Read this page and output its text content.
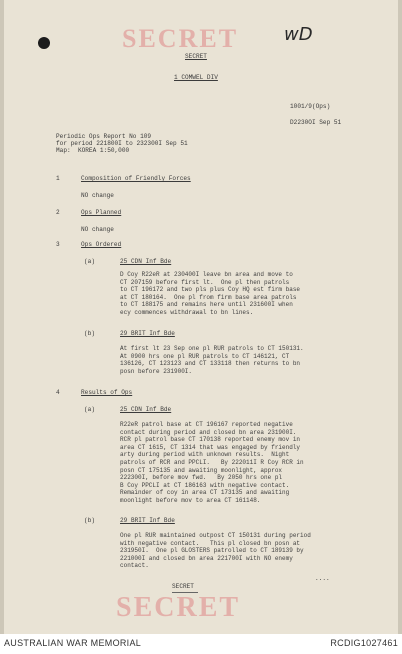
SECRET	wD
SECRET
1 COMWEL DIV
1001/9(Ops)
D2230OI Sep 51
Periodic Ops Report No 109
for period 221800I to 232300I Sep 51
Map:  KOREA 1:50,000
1	Composition of Friendly Forces
NO change
2	Ops Planned
NO change
3	Ops Ordered
(a)	25 CDN Inf Bde
D Coy R22eR at 230400I leave bn area and move to
CT 207159 before first lt.  One pl then patrols
to CT 196172 and two pls plus Coy HQ est firm base
at CT 180164.  One pl from firm base area patrols
to CT 188175 and remains here until 231600I when
ecy commences withdrawal to bn lines.
(b)	29 BRIT Inf Bde
At first lt 23 Sep one pl RUR patrols to CT 150131.
At 0900 hrs one pl RUR patrols to CT 146121, CT
136126, CT 123123 and CT 133118 then returns to bn
posn before 231900I.
4	Results of Ops
(a)	25 CDN Inf Bde
R22eR patrol base at CT 196167 reported negative
contact during period and closed bn area 231900I.
RCR pl patrol base CT 170138 reported enemy mov in
area CT 1615, CT 1314 that was engaged by friendly
arty during period with unknown results.  Night
patrols of RCR and PPCLI.   By 222011I R Coy RCR in
posn CT 175135 and awaiting moonlight, approx
222300I, before mov fwd.   By 2050 hrs one pl
B Coy PPCLI at CT 186163 with negative contact.
Remainder of coy in area CT 173135 and awaiting
moonlight before mov to area CT 161148.
(b)	29 BRIT Inf Bde
One pl RUR maintained outpost CT 150131 during period
with negative contact.   This pl closed bn posn at
231950I.  One pl GLOSTERS patrolled to CT 189139 by
221000I and closed bn area 221700I with NO enemy
contact.
....
SECRET
SECRET
AUSTRALIAN WAR MEMORIAL	RCDIG1027461
